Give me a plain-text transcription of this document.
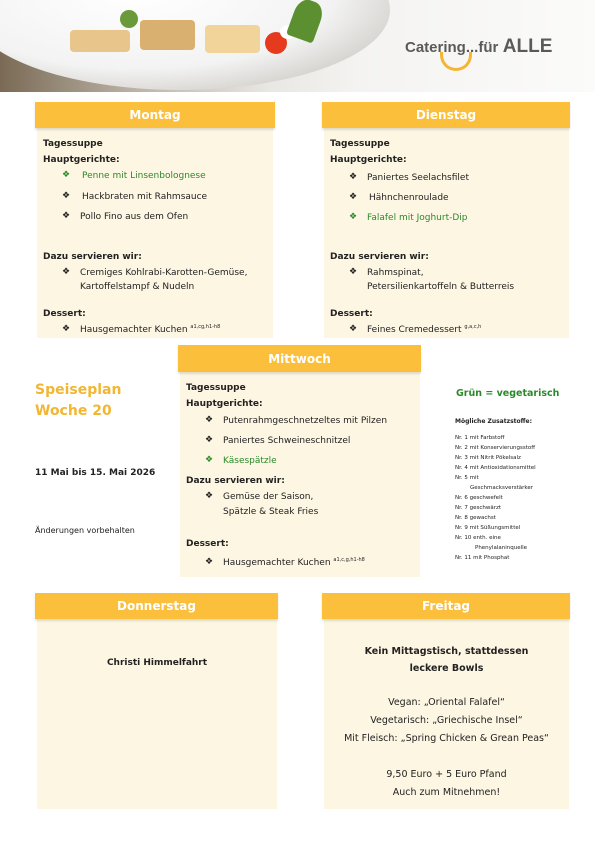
Catering...für ALLE
Montag
Tagessuppe
Hauptgerichte:
❖ Penne mit Linsenbolognese
❖ Hackbraten mit Rahmsauce
❖ Pollo Fino aus dem Ofen
Dazu servieren wir:
❖ Cremiges Kohlrabi-Karotten-Gemüse,
Kartoffelstampf & Nudeln
Dessert:
❖ Hausgemachter Kuchen $^{a1,cg,h1-h8}$
Dienstag
Tagessuppe
Hauptgerichte:
❖ Paniertes Seelachsfilet
❖ Hähnchenroulade
❖ Falafel mit Joghurt-Dip
Dazu servieren wir:
❖ Rahmspinat,
Petersilienkartoffeln & Butterreis
Dessert:
❖ Feines Cremedessert $^{g,a,c,h}$
Mittwoch
Tagessuppe
Hauptgerichte:
❖ Putenrahmgeschnetzeltes mit Pilzen
❖ Paniertes Schweineschnitzel
❖ Käsespätzle
Dazu servieren wir:
❖ Gemüse der Saison,
Spätzle & Steak Fries
Dessert:
❖ Hausgemachter Kuchen $^{a1,c,g,h1-h8}$
Speiseplan
Woche 20
11 Mai bis 15. Mai 2026
Änderungen vorbehalten
Grün = vegetarisch
Mögliche Zusatzstoffe:
Nr. 1 mit Farbstoff
Nr. 2 mit Konservierungsstoff
Nr. 3 mit Nitrit Pökelsalz
Nr. 4 mit Antioxidationsmittel
Nr. 5 mit
Geschmacksverstärker
Nr. 6 geschwefelt
Nr. 7 geschwärzt
Nr. 8 gewachst
Nr. 9 mit Süßungsmittel
Nr. 10 enth. eine
Phenylalaninquelle
Nr. 11 mit Phosphat
Donnerstag
Christi Himmelfahrt
Freitag
Kein Mittagstisch, stattdessen
leckere Bowls
Vegan: „Oriental Falafel“
Vegetarisch: „Griechische Insel“
Mit Fleisch: „Spring Chicken & Grean Peas“
9,50 Euro + 5 Euro Pfand
Auch zum Mitnehmen!
